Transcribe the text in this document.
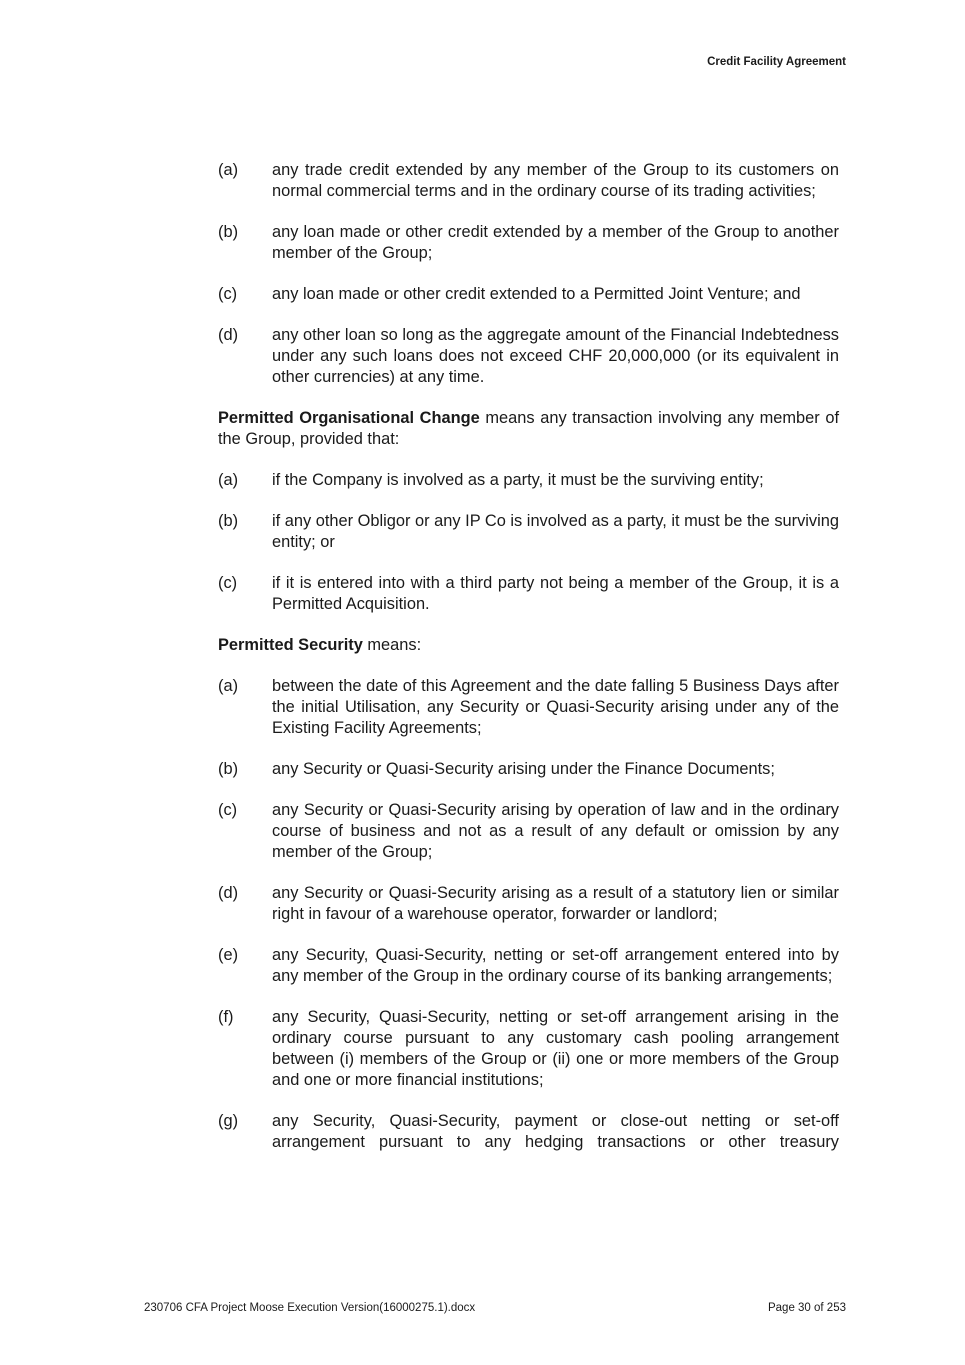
Credit Facility Agreement
(a)	any trade credit extended by any member of the Group to its customers on normal commercial terms and in the ordinary course of its trading activities;
(b)	any loan made or other credit extended by a member of the Group to another member of the Group;
(c)	any loan made or other credit extended to a Permitted Joint Venture; and
(d)	any other loan so long as the aggregate amount of the Financial Indebtedness under any such loans does not exceed CHF 20,000,000 (or its equivalent in other currencies) at any time.
Permitted Organisational Change means any transaction involving any member of the Group, provided that:
(a)	if the Company is involved as a party, it must be the surviving entity;
(b)	if any other Obligor or any IP Co is involved as a party, it must be the surviving entity; or
(c)	if it is entered into with a third party not being a member of the Group, it is a Permitted Acquisition.
Permitted Security means:
(a)	between the date of this Agreement and the date falling 5 Business Days after the initial Utilisation, any Security or Quasi-Security arising under any of the Existing Facility Agreements;
(b)	any Security or Quasi-Security arising under the Finance Documents;
(c)	any Security or Quasi-Security arising by operation of law and in the ordinary course of business and not as a result of any default or omission by any member of the Group;
(d)	any Security or Quasi-Security arising as a result of a statutory lien or similar right in favour of a warehouse operator, forwarder or landlord;
(e)	any Security, Quasi-Security, netting or set-off arrangement entered into by any member of the Group in the ordinary course of its banking arrangements;
(f)	any Security, Quasi-Security, netting or set-off arrangement arising in the ordinary course pursuant to any customary cash pooling arrangement between (i) members of the Group or (ii) one or more members of the Group and one or more financial institutions;
(g)	any Security, Quasi-Security, payment or close-out netting or set-off arrangement pursuant to any hedging transactions or other treasury
230706 CFA Project Moose Execution Version(16000275.1).docx	Page 30 of 253
